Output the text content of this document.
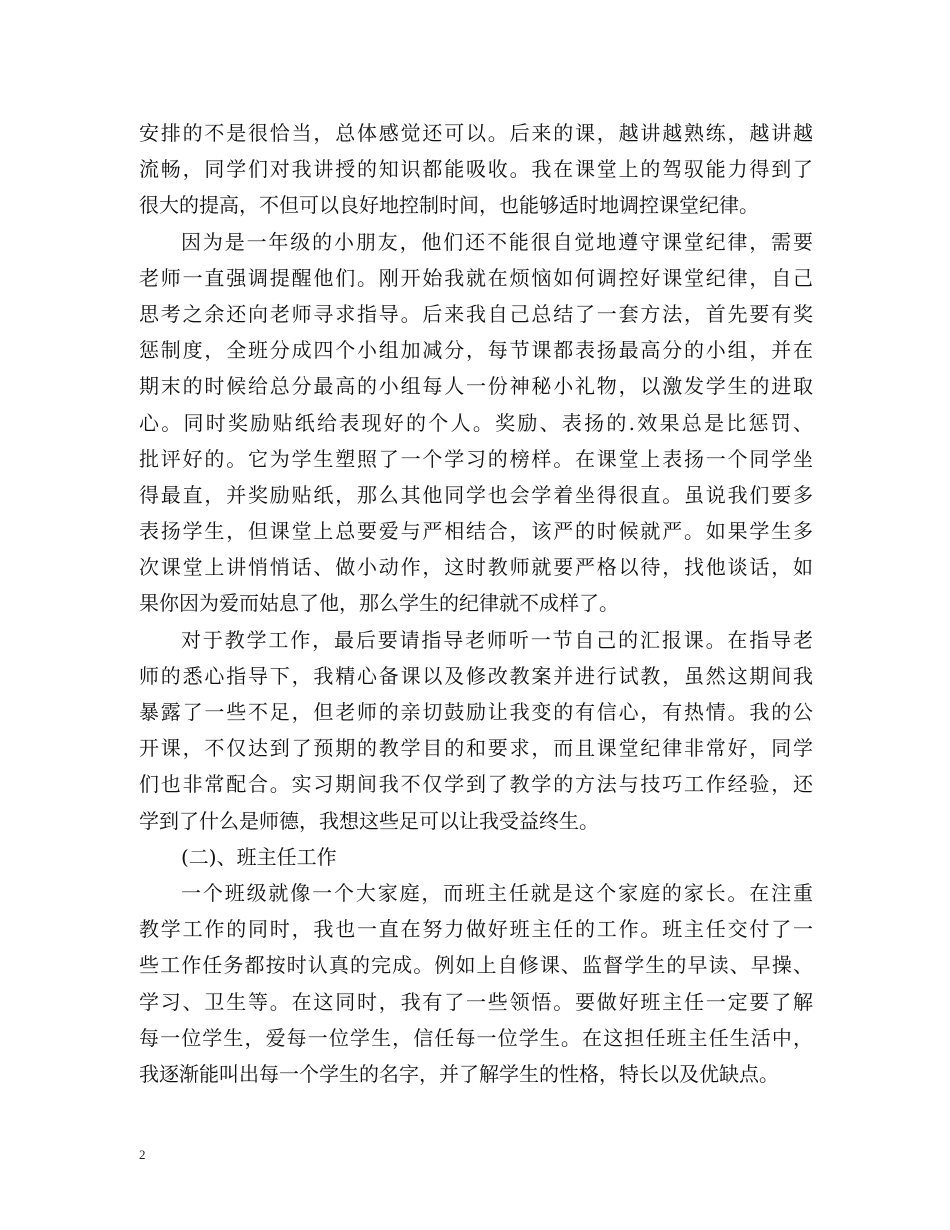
安排的不是很恰当，总体感觉还可以。后来的课，越讲越熟练，越讲越
流畅，同学们对我讲授的知识都能吸收。我在课堂上的驾驭能力得到了
很大的提高，不但可以良好地控制时间，也能够适时地调控课堂纪律。
因为是一年级的小朋友，他们还不能很自觉地遵守课堂纪律，需要
老师一直强调提醒他们。刚开始我就在烦恼如何调控好课堂纪律，自己
思考之余还向老师寻求指导。后来我自己总结了一套方法，首先要有奖
惩制度，全班分成四个小组加减分，每节课都表扬最高分的小组，并在
期末的时候给总分最高的小组每人一份神秘小礼物，以激发学生的进取
心。同时奖励贴纸给表现好的个人。奖励、表扬的.效果总是比惩罚、
批评好的。它为学生塑照了一个学习的榜样。在课堂上表扬一个同学坐
得最直，并奖励贴纸，那么其他同学也会学着坐得很直。虽说我们要多
表扬学生，但课堂上总要爱与严相结合，该严的时候就严。如果学生多
次课堂上讲悄悄话、做小动作，这时教师就要严格以待，找他谈话，如
果你因为爱而姑息了他，那么学生的纪律就不成样了。
对于教学工作，最后要请指导老师听一节自己的汇报课。在指导老
师的悉心指导下，我精心备课以及修改教案并进行试教，虽然这期间我
暴露了一些不足，但老师的亲切鼓励让我变的有信心，有热情。我的公
开课，不仅达到了预期的教学目的和要求，而且课堂纪律非常好，同学
们也非常配合。实习期间我不仅学到了教学的方法与技巧工作经验，还
学到了什么是师德，我想这些足可以让我受益终生。
(二)、班主任工作
一个班级就像一个大家庭，而班主任就是这个家庭的家长。在注重
教学工作的同时，我也一直在努力做好班主任的工作。班主任交付了一
些工作任务都按时认真的完成。例如上自修课、监督学生的早读、早操、
学习、卫生等。在这同时，我有了一些领悟。要做好班主任一定要了解
每一位学生，爱每一位学生，信任每一位学生。在这担任班主任生活中，
我逐渐能叫出每一个学生的名字，并了解学生的性格，特长以及优缺点。
2
